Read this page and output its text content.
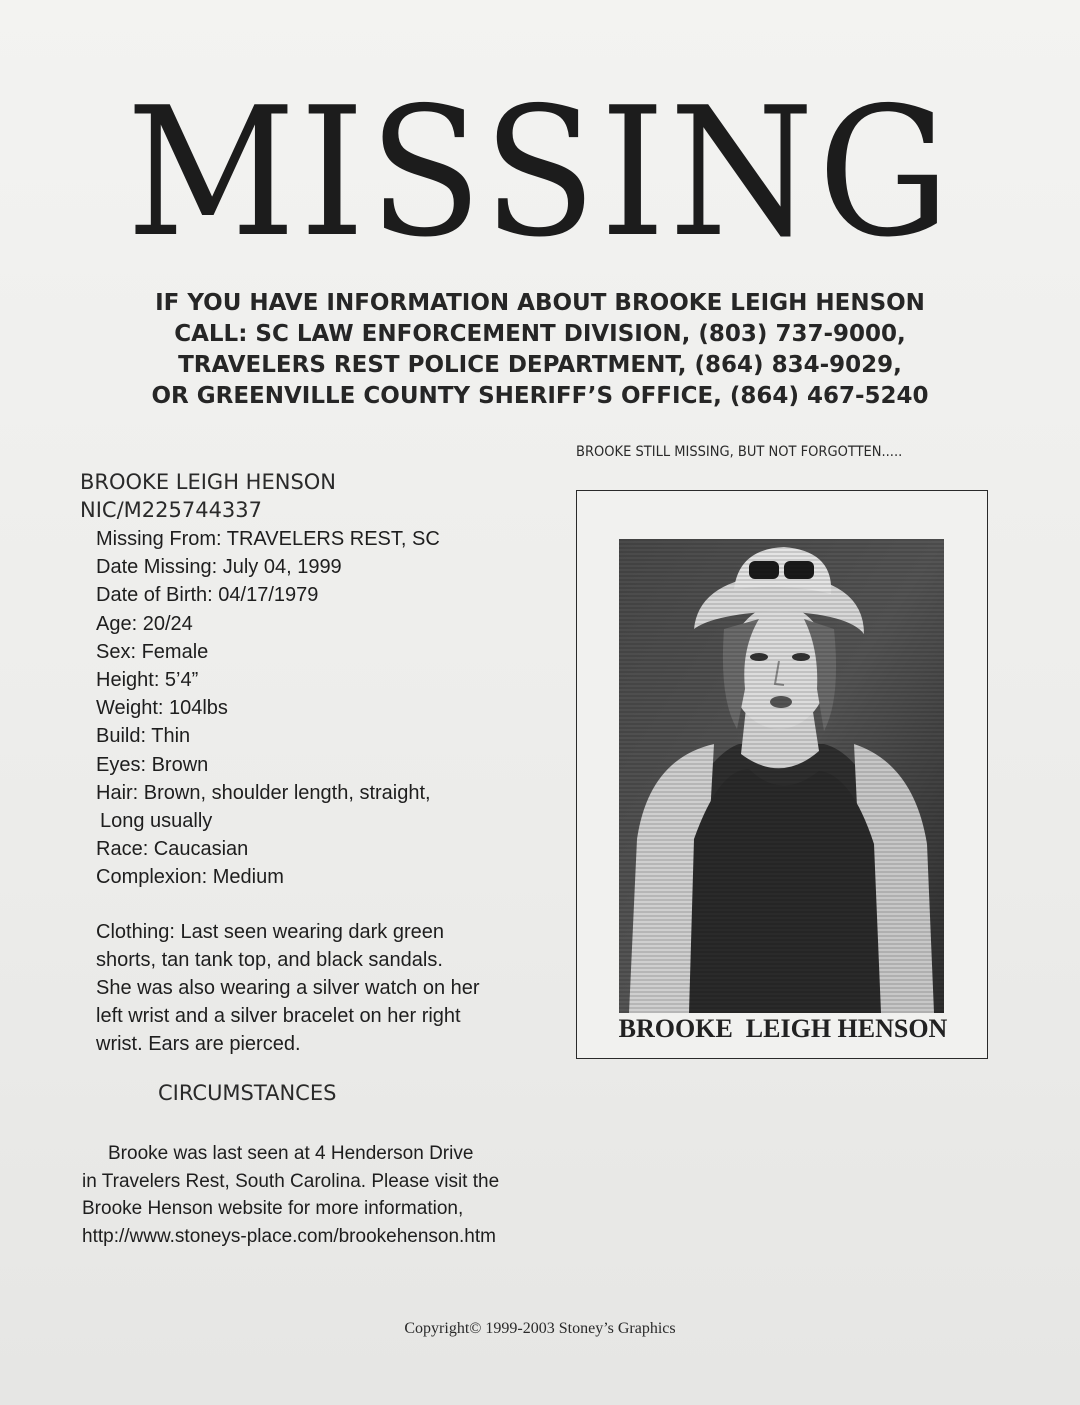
MISSING
IF YOU HAVE INFORMATION ABOUT BROOKE LEIGH HENSON
CALL: SC LAW ENFORCEMENT DIVISION, (803) 737-9000,
TRAVELERS REST POLICE DEPARTMENT, (864) 834-9029,
OR GREENVILLE COUNTY SHERIFF’S OFFICE, (864) 467-5240
BROOKE STILL MISSING, BUT NOT FORGOTTEN.....
BROOKE LEIGH HENSON
NIC/M225744337
Missing From: TRAVELERS REST, SC
Date Missing: July 04, 1999
Date of Birth: 04/17/1979
Age: 20/24
Sex: Female
Height: 5’4”
Weight: 104lbs
Build: Thin
Eyes: Brown
Hair: Brown, shoulder length, straight,
Long usually
Race: Caucasian
Complexion: Medium
Clothing: Last seen wearing dark green
shorts, tan tank top, and black sandals.
She was also wearing a silver watch on her
left wrist and a silver bracelet on her right
wrist. Ears are pierced.
CIRCUMSTANCES
Brooke was last seen at 4 Henderson Drive
in Travelers Rest, South Carolina. Please visit the
Brooke Henson website for more information,
http://www.stoneys-place.com/brookehenson.htm
BROOKE  LEIGH HENSON
Copyright© 1999-2003 Stoney’s Graphics
